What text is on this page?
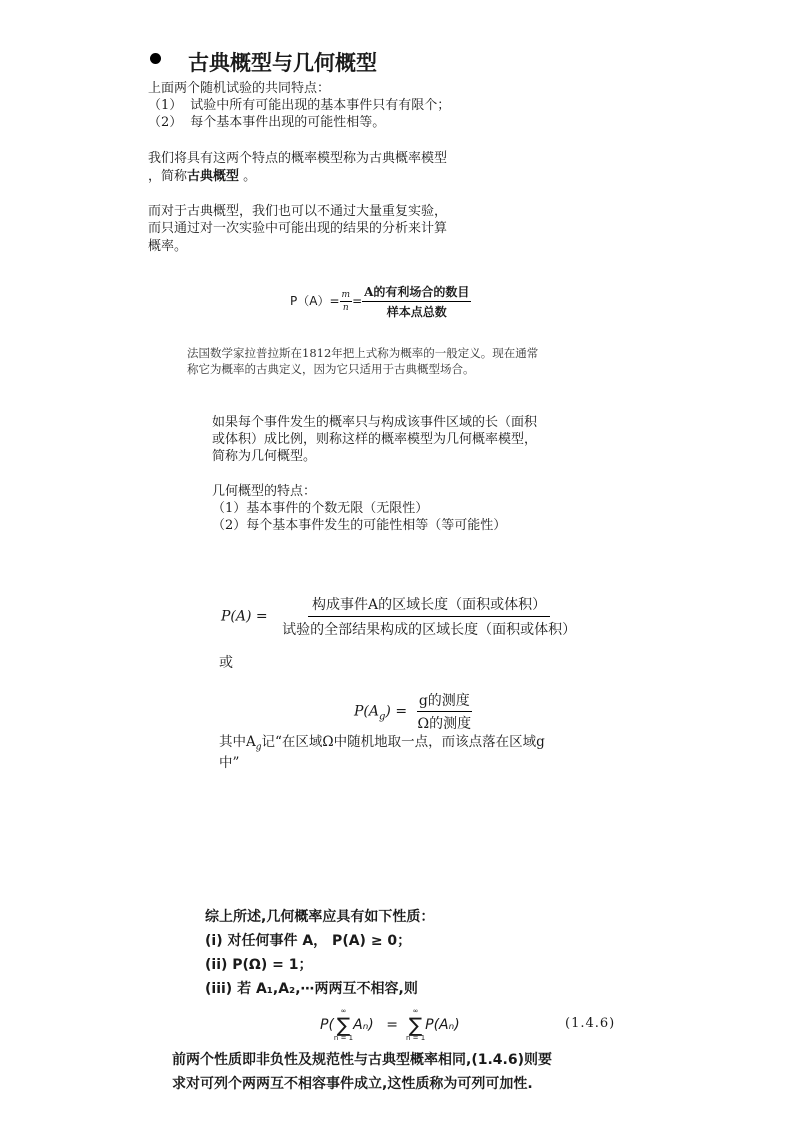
古典概型与几何概型
上面两个随机试验的共同特点：
（1） 试验中所有可能出现的基本事件只有有限个；
（2） 每个基本事件出现的可能性相等。
我们将具有这两个特点的概率模型称为古典概率模型
，简称古典概型 。
而对于古典概型，我们也可以不通过大量重复实验，
而只通过对一次实验中可能出现的结果的分析来计算
概率。
$P(A)= \frac{m}{n} = \frac{\text{A的有利场合的数目}}{\text{样本点总数}}$
法国数学家拉普拉斯在1812年把上式称为概率的一般定义。现在通常
称它为概率的古典定义，因为它只适用于古典概型场合。
如果每个事件发生的概率只与构成该事件区域的长（面积
或体积）成比例，则称这样的概率模型为几何概率模型，
简称为几何概型。
几何概型的特点：
（1）基本事件的个数无限（无限性）
（2）每个基本事件发生的可能性相等（等可能性）
$P(A) = \frac{\text{构成事件A的区域长度（面积或体积）}}{\text{试验的全部结果构成的区域长度（面积或体积）}}$
或
$P(A_g) = \frac{\text{g的测度}}{\text{Ω的测度}}$
其中$A_g$记“在区域Ω中随机地取一点，而该点落在区域g
中”
综上所述,几何概率应具有如下性质：
(i) 对任何事件 A， P(A) ≥ 0；
(ii) P(Ω) = 1；
(iii) 若 A₁,A₂,⋯两两互不相容,则
P(
∞
∑
n = 1
Aₙ) =
∞
∑
n = 1
P(Aₙ)	(1.4.6)
前两个性质即非负性及规范性与古典型概率相同,(1.4.6)则要
求对可列个两两互不相容事件成立,这性质称为可列可加性.
